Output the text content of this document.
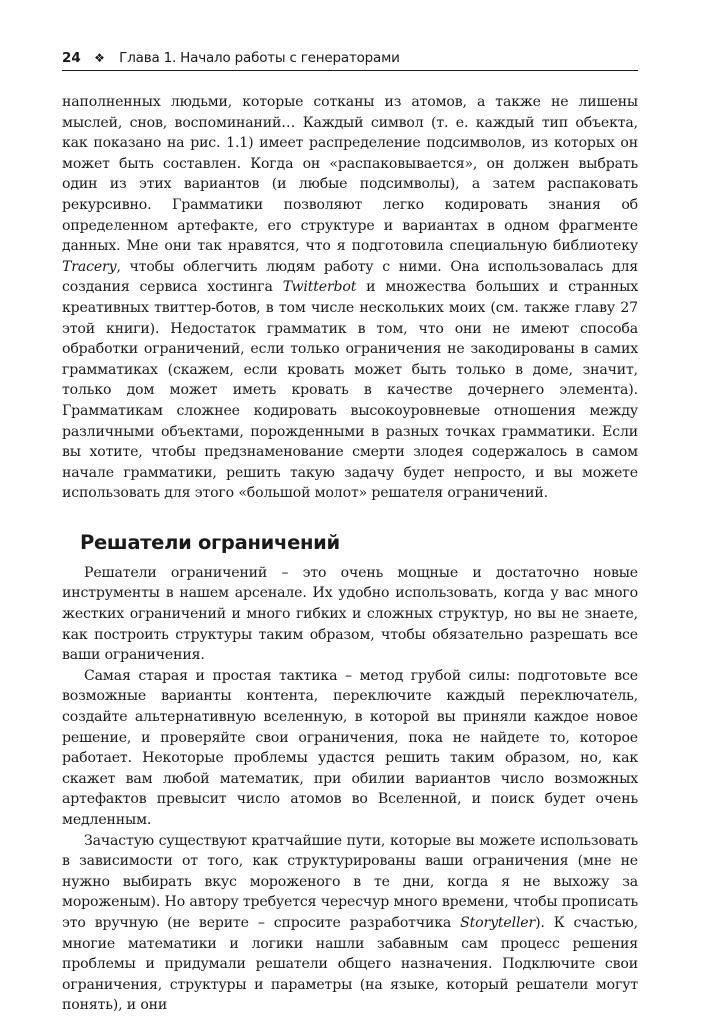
24 ❖ Глава 1. Начало работы с генераторами

наполненных людьми, которые сотканы из атомов, а также не лишены мыслей, снов, воспоминаний… Каждый символ (т. е. каждый тип объекта, как показано на рис. 1.1) имеет распределение подсимволов, из которых он может быть составлен. Когда он «распаковывается», он должен выбрать один из этих вариантов (и любые подсимволы), а затем распаковать рекурсивно. Грамматики позволяют легко кодировать знания об определенном артефакте, его структуре и вариантах в одном фрагменте данных. Мне они так нравятся, что я подготовила специальную библиотеку Tracery, чтобы облегчить людям работу с ними. Она использовалась для создания сервиса хостинга Twitterbot и множества больших и странных креативных твиттер-ботов, в том числе нескольких моих (см. также главу 27 этой книги). Недостаток грамматик в том, что они не имеют способа обработки ограничений, если только ограничения не закодированы в самих грамматиках (скажем, если кровать может быть только в доме, значит, только дом может иметь кровать в качестве дочернего элемента). Грамматикам сложнее кодировать высокоуровневые отношения между различными объектами, порожденными в разных точках грамматики. Если вы хотите, чтобы предзнаменование смерти злодея содержалось в самом начале грамматики, решить такую задачу будет непросто, и вы можете использовать для этого «большой молот» решателя ограничений.

Решатели ограничений

Решатели ограничений – это очень мощные и достаточно новые инструменты в нашем арсенале. Их удобно использовать, когда у вас много жестких ограничений и много гибких и сложных структур, но вы не знаете, как построить структуры таким образом, чтобы обязательно разрешать все ваши ограничения.

Самая старая и простая тактика – метод грубой силы: подготовьте все возможные варианты контента, переключите каждый переключатель, создайте альтернативную вселенную, в которой вы приняли каждое новое решение, и проверяйте свои ограничения, пока не найдете то, которое работает. Некоторые проблемы удастся решить таким образом, но, как скажет вам любой математик, при обилии вариантов число возможных артефактов превысит число атомов во Вселенной, и поиск будет очень медленным.

Зачастую существуют кратчайшие пути, которые вы можете использовать в зависимости от того, как структурированы ваши ограничения (мне не нужно выбирать вкус мороженого в те дни, когда я не выхожу за мороженым). Но автору требуется чересчур много времени, чтобы прописать это вручную (не верите – спросите разработчика Storyteller). К счастью, многие математики и логики нашли забавным сам процесс решения проблемы и придумали решатели общего назначения. Подключите свои ограничения, структуры и параметры (на языке, который решатели могут понять), и они
